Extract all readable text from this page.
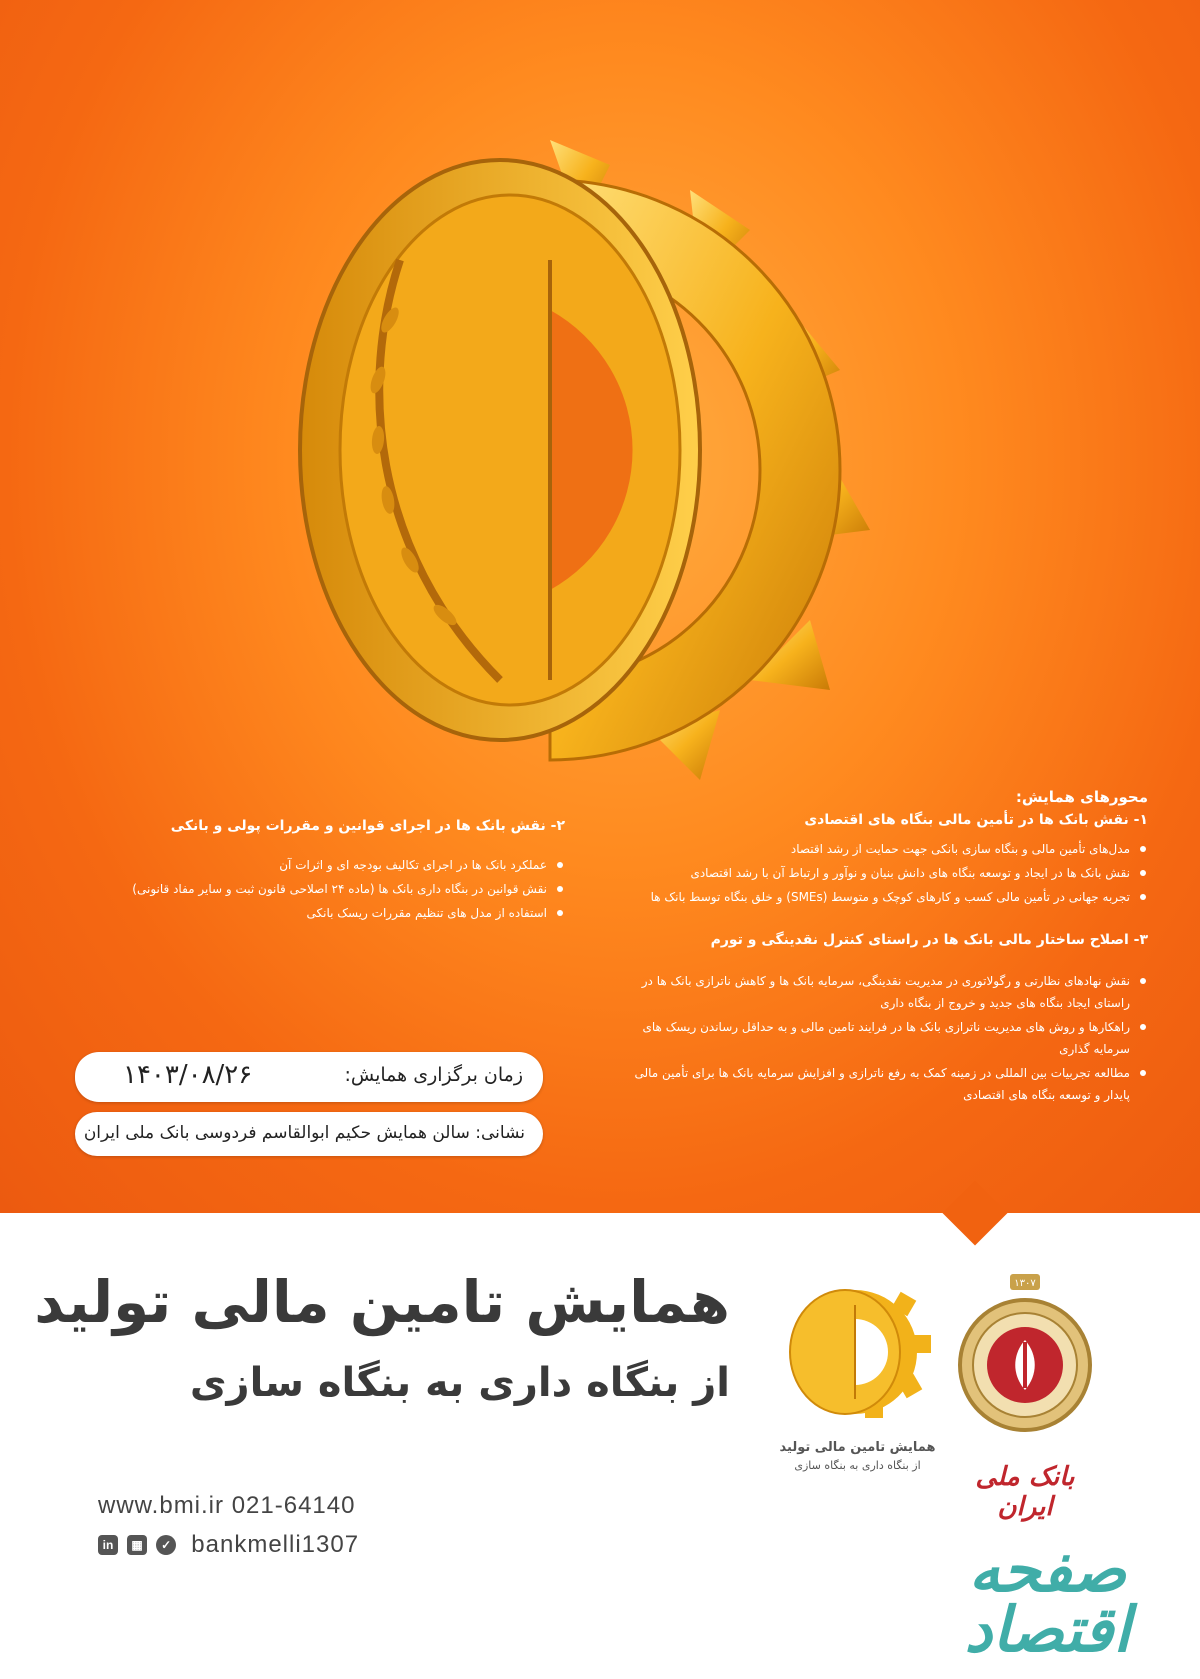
محورهای همایش:
۱- نقش بانک ها در تأمین مالی بنگاه های اقتصادی
مدل‌های تأمین مالی و بنگاه سازی بانکی جهت حمایت از رشد اقتصاد
نقش بانک ها در ایجاد و توسعه بنگاه های دانش بنیان و نوآور و ارتباط آن با رشد اقتصادی
تجربه جهانی در تأمین مالی کسب و کارهای کوچک و متوسط (SMEs) و خلق بنگاه توسط بانک ها
۳- اصلاح ساختار مالی بانک ها در راستای کنترل نقدینگی و تورم
نقش نهادهای نظارتی و رگولاتوری در مدیریت نقدینگی، سرمایه بانک ها و کاهش ناترازی بانک ها در راستای ایجاد بنگاه های جدید و خروج از بنگاه داری
راهکارها و روش های مدیریت ناترازی بانک ها در فرایند تامین مالی و به حداقل رساندن ریسک های سرمایه گذاری
مطالعه تجربیات بین المللی در زمینه کمک به رفع ناترازی و افزایش سرمایه بانک ها برای تأمین مالی پایدار و توسعه بنگاه های اقتصادی
۲- نقش بانک ها در اجرای قوانین و مقررات پولی و بانکی
عملکرد بانک ها در اجرای تکالیف بودجه ای و اثرات آن
نقش قوانین در بنگاه داری بانک ها (ماده ۲۴ اصلاحی قانون ثبت و سایر مفاد قانونی)
استفاده از مدل های تنظیم مقررات ریسک بانکی
زمان برگزاری همایش:
۱۴۰۳/۰۸/۲۶
نشانی: سالن همایش حکیم ابوالقاسم فردوسی بانک ملی ایران
همایش تامین مالی تولید
از بنگاه داری به بنگاه سازی
www.bmi.ir 021-64140
in ▦ ✓ bankmelli1307
همایش تامین مالی تولید
از بنگاه داری به بنگاه سازی
۱۳۰۷
بانک ملی ایران
صفحه اقتصاد
